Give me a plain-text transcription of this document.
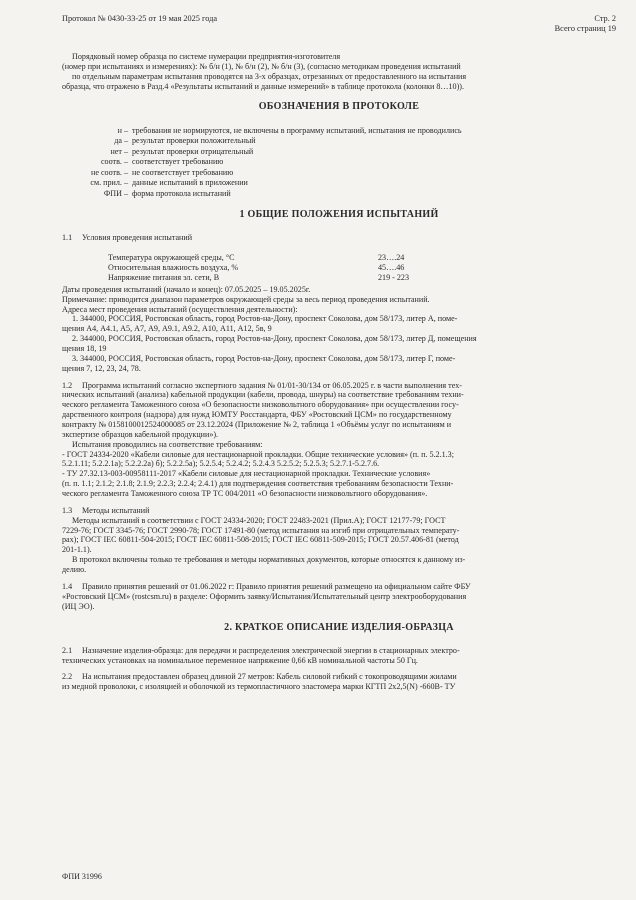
Протокол № 0430-33-25 от 19 мая 2025 года	Стр. 2
Всего страниц 19
Порядковый номер образца по системе нумерации предприятия-изготовителя
(номер при испытаниях и измерениях): № б/н (1), № б/н (2), № б/н (3), (согласно методикам проведения испытаний
по отдельным параметрам испытания проводятся на 3-х образцах, отрезанных от предоставленного на испытания
образца, что отражено в Разд.4 «Результаты испытаний и данные измерений» в таблице протокола (колонки 8…10)).
ОБОЗНАЧЕНИЯ В ПРОТОКОЛЕ
н – требования не нормируются, не включены в программу испытаний, испытания не проводились
да – результат проверки положительный
нет – результат проверки отрицательный
соотв. – соответствует требованию
не соотв. – не соответствует требованию
см. прил. – данные испытаний в приложении
ФПИ – форма протокола испытаний
1 ОБЩИЕ ПОЛОЖЕНИЯ ИСПЫТАНИЙ
1.1 Условия проведения испытаний
Температура окружающей среды, °С	23….24
Относительная влажность воздуха, %	45….46
Напряжение питания эл. сети, В	219 - 223
Даты проведения испытаний (начало и конец): 07.05.2025 – 19.05.2025г.
Примечание: приводится диапазон параметров окружающей среды за весь период проведения испытаний.
Адреса мест проведения испытаний (осуществления деятельности):
1. 344000, РОССИЯ, Ростовская область, город Ростов-на-Дону, проспект Соколова, дом 58/173, литер А, поме-
щения А4, А4.1, А5, А7, А9, А9.1, А9.2, А10, А11, А12, 5в, 9
2. 344000, РОССИЯ, Ростовская область, город Ростов-на-Дону, проспект Соколова, дом 58/173, литер Д, помещения
щения 18, 19
3. 344000, РОССИЯ, Ростовская область, город Ростов-на-Дону, проспект Соколова, дом 58/173, литер Г, поме-
щения 7, 12, 23, 24, 78.
1.2 Программа испытаний согласно экспертного задания № 01/01-30/134 от 06.05.2025 г. в части выполнения тех-
нических испытаний (анализа) кабельной продукции (кабели, провода, шнуры) на соответствие требованиям техни-
ческого регламента Таможенного союза «О безопасности низковольтного оборудования» при осуществлении госу-
дарственного контроля (надзора) для нужд ЮМТУ Росстандарта, ФБУ «Ростовский ЦСМ» по государственному
контракту № 0158100012524000085 от 23.12.2024 (Приложение № 2, таблица 1 «Объёмы услуг по испытаниям и
экспертизе образцов кабельной продукции»).
Испытания проводились на соответствие требованиям:
- ГОСТ 24334-2020 «Кабели силовые для нестационарной прокладки. Общие технические условия» (п. п. 5.2.1.3;
5.2.1.11; 5.2.2.1а); 5.2.2.2а) б); 5.2.2.5а); 5.2.5.4; 5.2.4.2; 5.2.4.3 5.2.5.2; 5.2.5.3; 5.2.7.1-5.2.7.6.
- ТУ 27.32.13-003-00958111-2017 «Кабели силовые для нестационарной прокладки. Технические условия»
(п. п. 1.1; 2.1.2; 2.1.8; 2.1.9; 2.2.3; 2.2.4; 2.4.1) для подтверждения соответствия требованиям безопасности Техни-
ческого регламента Таможенного союза ТР ТС 004/2011 «О безопасности низковольтного оборудования».
1.3 Методы испытаний
Методы испытаний в соответствии с ГОСТ 24334-2020; ГОСТ 22483-2021 (Прил.А); ГОСТ 12177-79; ГОСТ
7229-76; ГОСТ 3345-76; ГОСТ 2990-78; ГОСТ 17491-80 (метод испытания на изгиб при отрицательных температу-
рах); ГОСТ IEC 60811-504-2015; ГОСТ IEC 60811-508-2015; ГОСТ IEC 60811-509-2015; ГОСТ 20.57.406-81 (метод
201-1.1).
В протокол включены только те требования и методы нормативных документов, которые относятся к данному из-
делию.
1.4 Правило принятия решений от 01.06.2022 г: Правило принятия решений размещено на официальном сайте ФБУ
«Ростовский ЦСМ» (rostcsm.ru) в разделе: Оформить заявку/Испытания/Испытательный центр электрооборудования
(ИЦ ЭО).
2. КРАТКОЕ ОПИСАНИЕ ИЗДЕЛИЯ-ОБРАЗЦА
2.1 Назначение изделия-образца: для передачи и распределения электрической энергии в стационарных электро-
технических установках на номинальное переменное напряжение 0,66 кВ номинальной частоты 50 Гц.
2.2 На испытания предоставлен образец длиной 27 метров: Кабель силовой гибкий с токопроводящими жилами
из медной проволоки, с изоляцией и оболочкой из термопластичного эластомера марки КГТП 2х2,5(N) -660В- ТУ
ФПИ 31996
